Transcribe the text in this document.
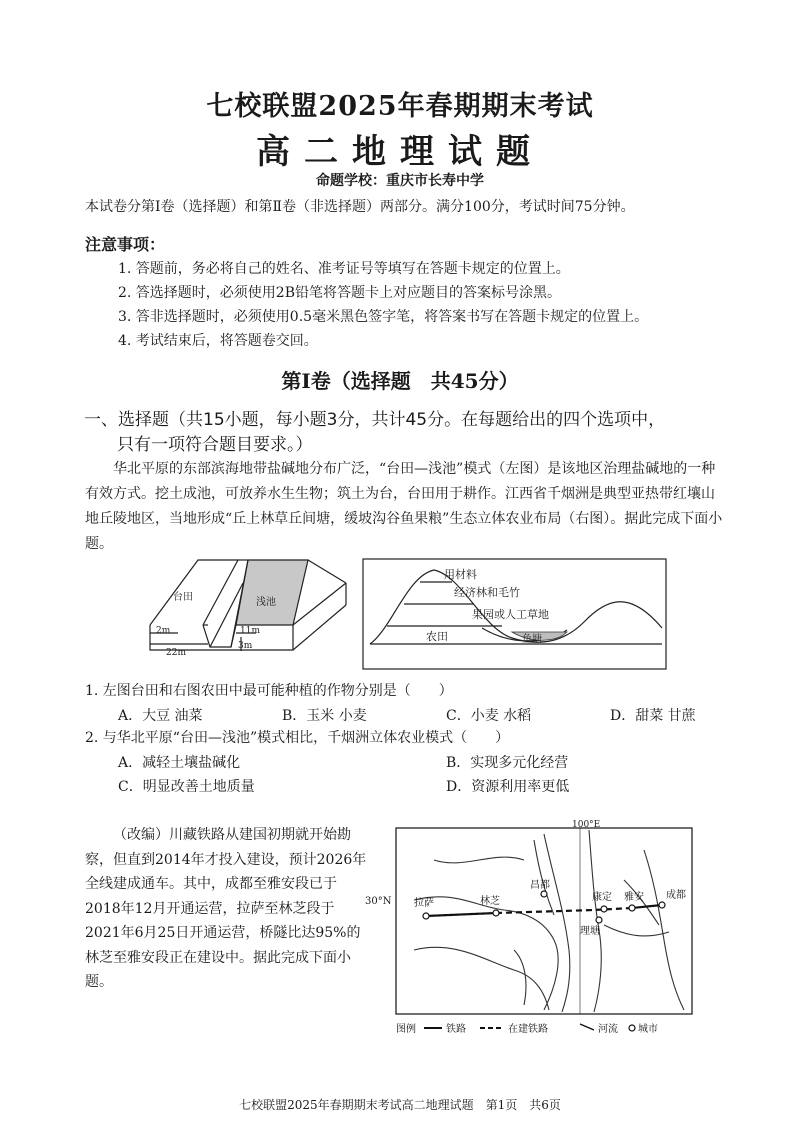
七校联盟2025年春期期末考试
高二地理试题
命题学校：重庆市长寿中学
本试卷分第Ⅰ卷（选择题）和第Ⅱ卷（非选择题）两部分。满分100分，考试时间75分钟。
注意事项：
1. 答题前，务必将自己的姓名、准考证号等填写在答题卡规定的位置上。
2. 答选择题时，必须使用2B铅笔将答题卡上对应题目的答案标号涂黑。
3. 答非选择题时，必须使用0.5毫米黑色签字笔，将答案书写在答题卡规定的位置上。
4. 考试结束后，将答题卷交回。
第Ⅰ卷（选择题　共45分）
一、选择题（共15小题，每小题3分，共计45分。在每题给出的四个选项中，
只有一项符合题目要求。）
华北平原的东部滨海地带盐碱地分布广泛，“台田—浅池”模式（左图）是该地区治理盐碱地的一种有效方式。挖土成池，可放养水生生物；筑土为台，台田用于耕作。江西省千烟洲是典型亚热带红壤山地丘陵地区，当地形成“丘上林草丘间塘，缓坡沟谷鱼果粮”生态立体农业布局（右图）。据此完成下面小题。
台田	浅池
2m
22m
11m
3m
用材料
经济林和毛竹
果园或人工草地
农田	鱼塘
1. 左图台田和右图农田中最可能种植的作物分别是（　　）
A．大豆 油菜	B．玉米 小麦	C．小麦 水稻	D．甜菜 甘蔗
2. 与华北平原“台田—浅池”模式相比，千烟洲立体农业模式（　　）
A．减轻土壤盐碱化	B．实现多元化经营
C．明显改善土地质量	D．资源利用率更低
（改编）川藏铁路从建国初期就开始勘察，但直到2014年才投入建设，预计2026年全线建成通车。其中，成都至雅安段已于2018年12月开通运营，拉萨至林芝段于2021年6月25日开通运营，桥隧比达95%的林芝至雅安段正在建设中。据此完成下面小题。
100°E
拉萨	林芝
昌都
康定 雅安 成都
理塘
图例	铁路	在建铁路	河流 城市
30°N
七校联盟2025年春期期末考试高二地理试题　第1页　共6页
